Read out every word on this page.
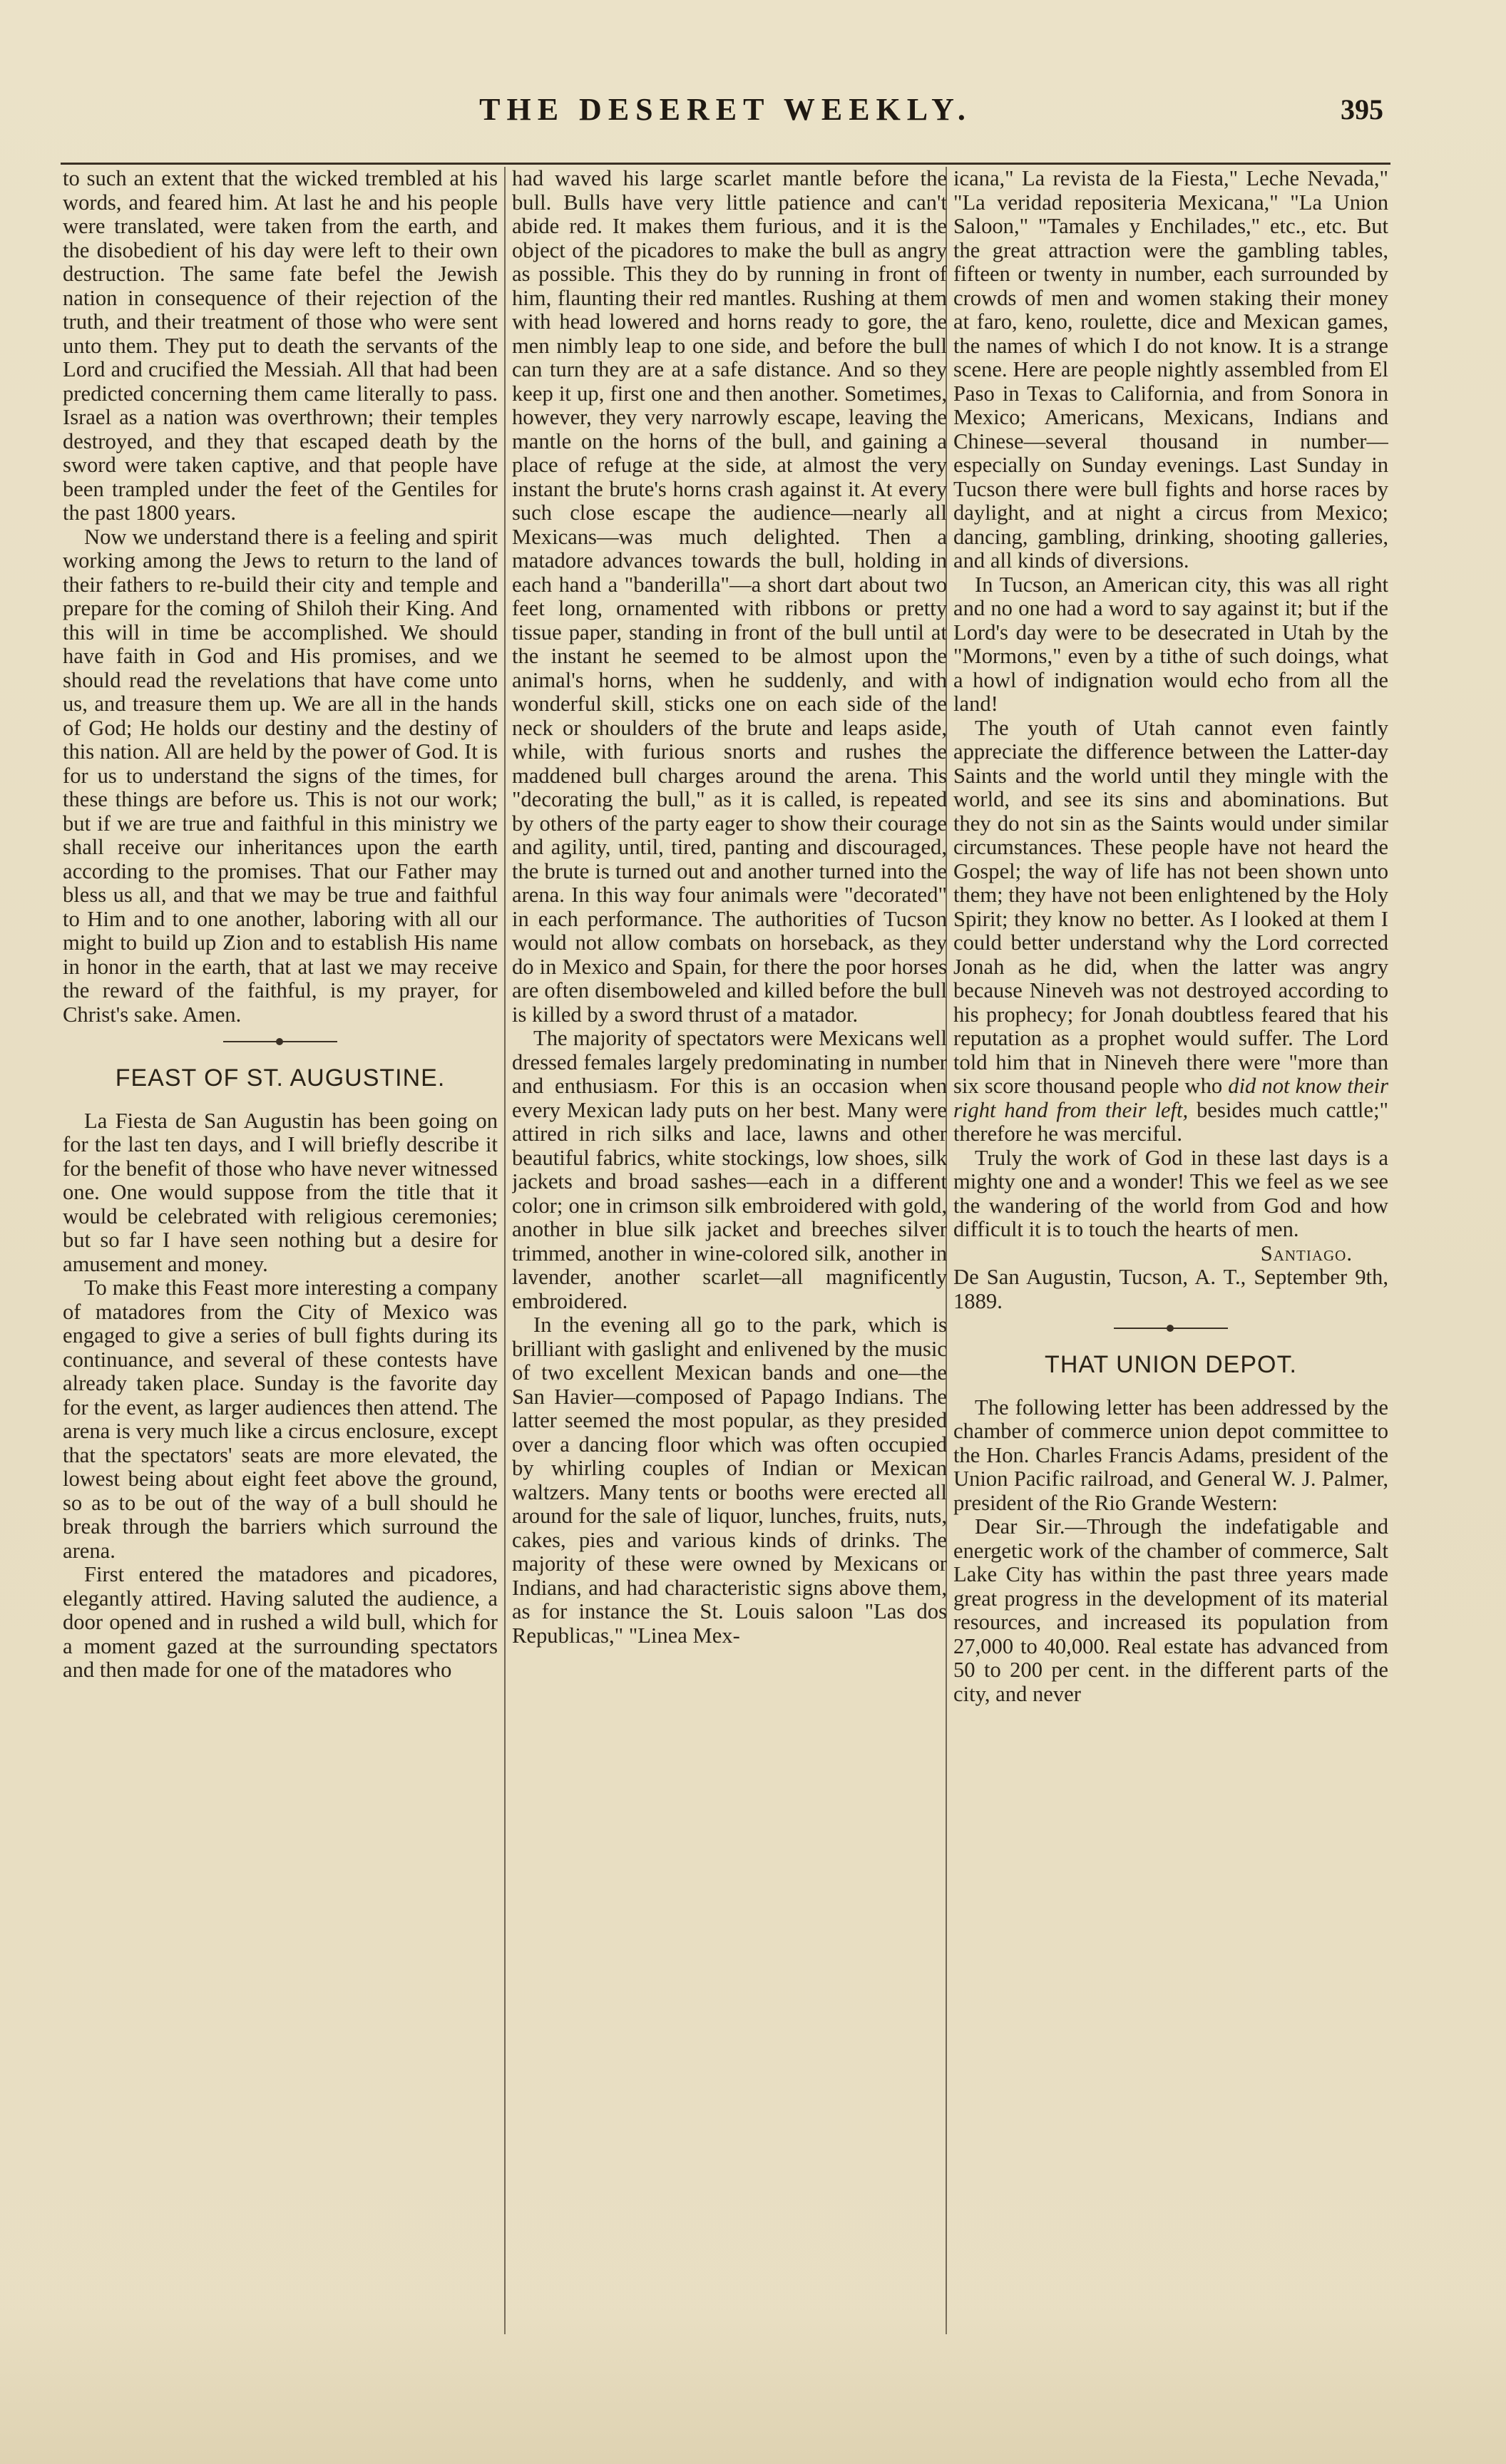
THE DESERET WEEKLY.	395

to such an extent that the wicked trembled at his words, and feared him. At last he and his people were translated, were taken from the earth, and the disobedient of his day were left to their own destruction. The same fate befel the Jewish nation in consequence of their rejection of the truth, and their treatment of those who were sent unto them. They put to death the servants of the Lord and crucified the Messiah. All that had been predicted concerning them came literally to pass. Israel as a nation was overthrown; their temples destroyed, and they that escaped death by the sword were taken captive, and that people have been trampled under the feet of the Gentiles for the past 1800 years.

Now we understand there is a feeling and spirit working among the Jews to return to the land of their fathers to re-build their city and temple and prepare for the coming of Shiloh their King. And this will in time be accomplished. We should have faith in God and His promises, and we should read the revelations that have come unto us, and treasure them up. We are all in the hands of God; He holds our destiny and the destiny of this nation. All are held by the power of God. It is for us to understand the signs of the times, for these things are before us. This is not our work; but if we are true and faithful in this ministry we shall receive our inheritances upon the earth according to the promises. That our Father may bless us all, and that we may be true and faithful to Him and to one another, laboring with all our might to build up Zion and to establish His name in honor in the earth, that at last we may receive the reward of the faithful, is my prayer, for Christ's sake. Amen.

FEAST OF ST. AUGUSTINE.

La Fiesta de San Augustin has been going on for the last ten days, and I will briefly describe it for the benefit of those who have never witnessed one. One would suppose from the title that it would be celebrated with religious ceremonies; but so far I have seen nothing but a desire for amusement and money.

To make this Feast more interesting a company of matadores from the City of Mexico was engaged to give a series of bull fights during its continuance, and several of these contests have already taken place. Sunday is the favorite day for the event, as larger audiences then attend. The arena is very much like a circus enclosure, except that the spectators' seats are more elevated, the lowest being about eight feet above the ground, so as to be out of the way of a bull should he break through the barriers which surround the arena.

First entered the matadores and picadores, elegantly attired. Having saluted the audience, a door opened and in rushed a wild bull, which for a moment gazed at the surrounding spectators and then made for one of the matadores who

had waved his large scarlet mantle before the bull. Bulls have very little patience and can't abide red. It makes them furious, and it is the object of the picadores to make the bull as angry as possible. This they do by running in front of him, flaunting their red mantles. Rushing at them with head lowered and horns ready to gore, the men nimbly leap to one side, and before the bull can turn they are at a safe distance. And so they keep it up, first one and then another. Sometimes, however, they very narrowly escape, leaving the mantle on the horns of the bull, and gaining a place of refuge at the side, at almost the very instant the brute's horns crash against it. At every such close escape the audience—nearly all Mexicans—was much delighted. Then a matadore advances towards the bull, holding in each hand a "banderilla"—a short dart about two feet long, ornamented with ribbons or pretty tissue paper, standing in front of the bull until at the instant he seemed to be almost upon the animal's horns, when he suddenly, and with wonderful skill, sticks one on each side of the neck or shoulders of the brute and leaps aside, while, with furious snorts and rushes the maddened bull charges around the arena. This "decorating the bull," as it is called, is repeated by others of the party eager to show their courage and agility, until, tired, panting and discouraged, the brute is turned out and another turned into the arena. In this way four animals were "decorated" in each performance. The authorities of Tucson would not allow combats on horseback, as they do in Mexico and Spain, for there the poor horses are often disemboweled and killed before the bull is killed by a sword thrust of a matador.

The majority of spectators were Mexicans well dressed females largely predominating in number and enthusiasm. For this is an occasion when every Mexican lady puts on her best. Many were attired in rich silks and lace, lawns and other beautiful fabrics, white stockings, low shoes, silk jackets and broad sashes—each in a different color; one in crimson silk embroidered with gold, another in blue silk jacket and breeches silver trimmed, another in wine-colored silk, another in lavender, another scarlet—all magnificently embroidered.

In the evening all go to the park, which is brilliant with gaslight and enlivened by the music of two excellent Mexican bands and one—the San Havier—composed of Papago Indians. The latter seemed the most popular, as they presided over a dancing floor which was often occupied by whirling couples of Indian or Mexican waltzers. Many tents or booths were erected all around for the sale of liquor, lunches, fruits, nuts, cakes, pies and various kinds of drinks. The majority of these were owned by Mexicans or Indians, and had characteristic signs above them, as for instance the St. Louis saloon "Las dos Republicas," "Linea Mex-

icana," La revista de la Fiesta," Leche Nevada," "La veridad repositeria Mexicana," "La Union Saloon," "Tamales y Enchilades," etc., etc. But the great attraction were the gambling tables, fifteen or twenty in number, each surrounded by crowds of men and women staking their money at faro, keno, roulette, dice and Mexican games, the names of which I do not know. It is a strange scene. Here are people nightly assembled from El Paso in Texas to California, and from Sonora in Mexico; Americans, Mexicans, Indians and Chinese—several thousand in number—especially on Sunday evenings. Last Sunday in Tucson there were bull fights and horse races by daylight, and at night a circus from Mexico; dancing, gambling, drinking, shooting galleries, and all kinds of diversions.

In Tucson, an American city, this was all right and no one had a word to say against it; but if the Lord's day were to be desecrated in Utah by the "Mormons," even by a tithe of such doings, what a howl of indignation would echo from all the land!

The youth of Utah cannot even faintly appreciate the difference between the Latter-day Saints and the world until they mingle with the world, and see its sins and abominations. But they do not sin as the Saints would under similar circumstances. These people have not heard the Gospel; the way of life has not been shown unto them; they have not been enlightened by the Holy Spirit; they know no better. As I looked at them I could better understand why the Lord corrected Jonah as he did, when the latter was angry because Nineveh was not destroyed according to his prophecy; for Jonah doubtless feared that his reputation as a prophet would suffer. The Lord told him that in Nineveh there were "more than six score thousand people who did not know their right hand from their left, besides much cattle;" therefore he was merciful.

Truly the work of God in these last days is a mighty one and a wonder! This we feel as we see the wandering of the world from God and how difficult it is to touch the hearts of men.

Santiago.

De San Augustin, Tucson, A. T., September 9th, 1889.

THAT UNION DEPOT.

The following letter has been addressed by the chamber of commerce union depot committee to the Hon. Charles Francis Adams, president of the Union Pacific railroad, and General W. J. Palmer, president of the Rio Grande Western:

Dear Sir.—Through the indefatigable and energetic work of the chamber of commerce, Salt Lake City has within the past three years made great progress in the development of its material resources, and increased its population from 27,000 to 40,000. Real estate has advanced from 50 to 200 per cent. in the different parts of the city, and never
